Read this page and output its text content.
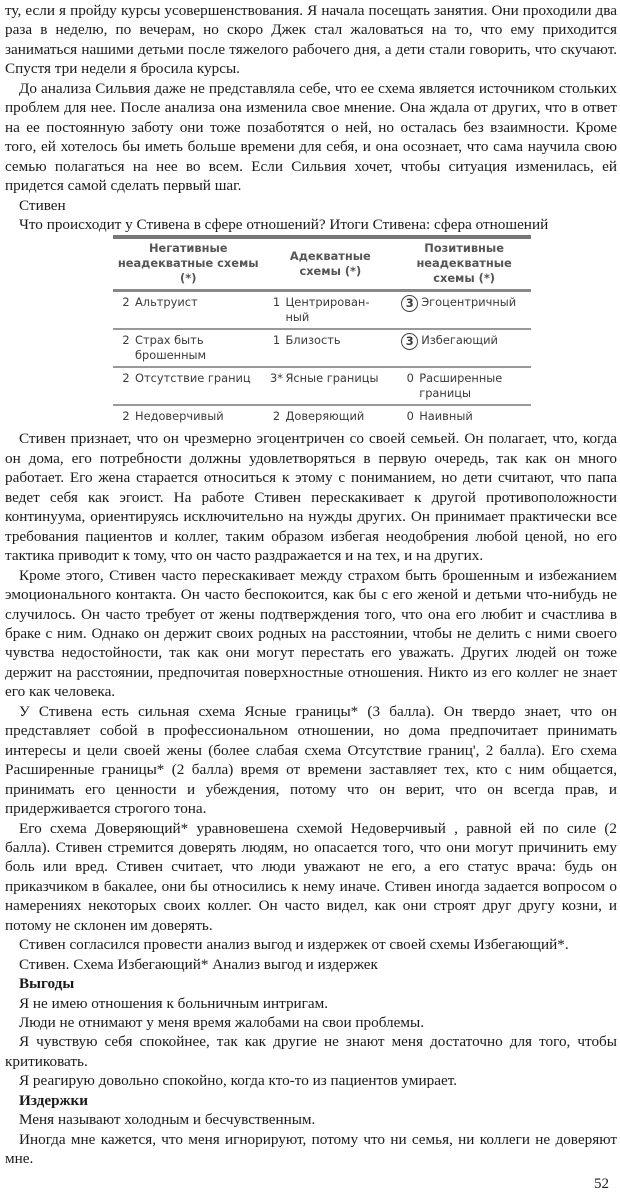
ту, если я пройду курсы усовершенствования. Я начала посещать занятия. Они проходили два раза в неделю, по вечерам, но скоро Джек стал жаловаться на то, что ему приходится заниматься нашими детьми после тяжелого рабочего дня, а дети стали говорить, что скучают. Спустя три недели я бросила курсы.

До анализа Сильвия даже не представляла себе, что ее схема является источником стольких проблем для нее. После анализа она изменила свое мнение. Она ждала от других, что в ответ на ее постоянную заботу они тоже позаботятся о ней, но осталась без взаимности. Кроме того, ей хотелось бы иметь больше времени для себя, и она осознает, что сама научила свою семью полагаться на нее во всем. Если Сильвия хочет, чтобы ситуация изменилась, ей придется самой сделать первый шаг.

Стивен

Что происходит у Стивена в сфере отношений? Итоги Стивена: сфера отношений

Негативные неадекватные схемы (*)	Адекватные схемы (*)	Позитивные неадекватные схемы (*)
2 Альтруист	1 Центрирован-ный	3 Эгоцентричный
2 Страх быть брошенным	1 Близость	3 Избегающий
2 Отсутствие границ	3* Ясные границы	0 Расширенные границы
2 Недоверчивый	2 Доверяющий	0 Наивный

Стивен признает, что он чрезмерно эгоцентричен со своей семьей. Он полагает, что, когда он дома, его потребности должны удовлетворяться в первую очередь, так как он много работает. Его жена старается относиться к этому с пониманием, но дети считают, что папа ведет себя как эгоист. На работе Стивен перескакивает к другой противоположности континуума, ориентируясь исключительно на нужды других. Он принимает практически все требования пациентов и коллег, таким образом избегая неодобрения любой ценой, но его тактика приводит к тому, что он часто раздражается и на тех, и на других.

Кроме этого, Стивен часто перескакивает между страхом быть брошенным и избежанием эмоционального контакта. Он часто беспокоится, как бы с его женой и детьми что-нибудь не случилось. Он часто требует от жены подтверждения того, что она его любит и счастлива в браке с ним. Однако он держит своих родных на расстоянии, чтобы не делить с ними своего чувства недостойности, так как они могут перестать его уважать. Других людей он тоже держит на расстоянии, предпочитая поверхностные отношения. Никто из его коллег не знает его как человека.

У Стивена есть сильная схема Ясные границы* (3 балла). Он твердо знает, что он представляет собой в профессиональном отношении, но дома предпочитает принимать интересы и цели своей жены (более слабая схема Отсутствие границ', 2 балла). Его схема Расширенные границы* (2 балла) время от времени заставляет тех, кто с ним общается, принимать его ценности и убеждения, потому что он верит, что он всегда прав, и придерживается строгого тона.

Его схема Доверяющий* уравновешена схемой Недоверчивый , равной ей по силе (2 балла). Стивен стремится доверять людям, но опасается того, что они могут причинить ему боль или вред. Стивен считает, что люди уважают не его, а его статус врача: будь он приказчиком в бакалее, они бы относились к нему иначе. Стивен иногда задается вопросом о намерениях некоторых своих коллег. Он часто видел, как они строят друг другу козни, и потому не склонен им доверять.

Стивен согласился провести анализ выгод и издержек от своей схемы Избегающий*.

Стивен. Схема Избегающий* Анализ выгод и издержек

Выгоды

Я не имею отношения к больничным интригам.

Люди не отнимают у меня время жалобами на свои проблемы.

Я чувствую себя спокойнее, так как другие не знают меня достаточно для того, чтобы критиковать.

Я реагирую довольно спокойно, когда кто-то из пациентов умирает.

Издержки

Меня называют холодным и бесчувственным.

Иногда мне кажется, что меня игнорируют, потому что ни семья, ни коллеги не доверяют мне.

52
